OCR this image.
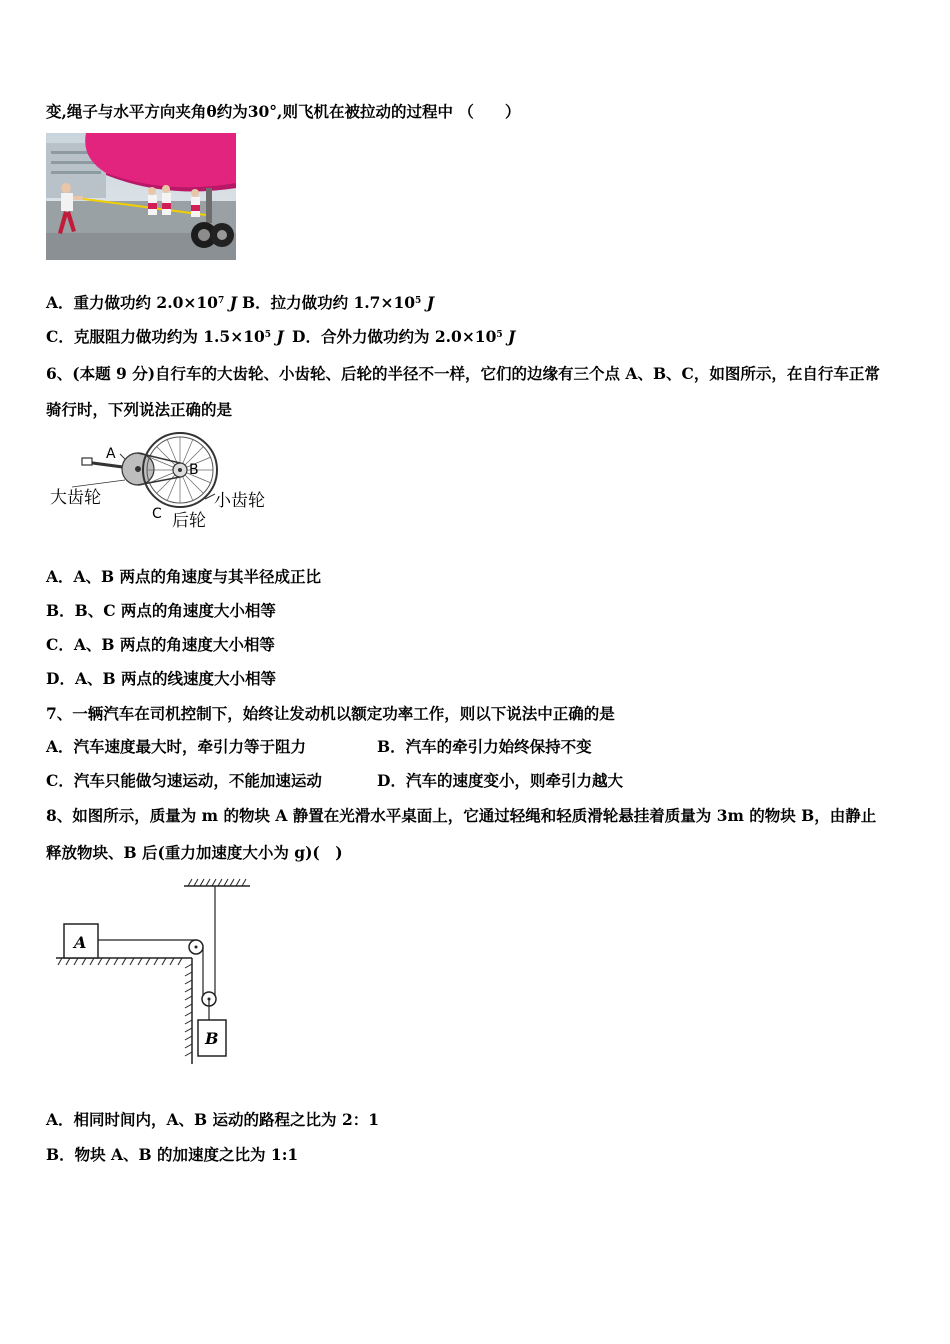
变,绳子与水平方向夹角θ约为30°,则飞机在被拉动的过程中 （　　）
A．重力做功约 $2.0\times 10^7$ J B．拉力做功约 $1.7\times 10^5$ J
C．克服阻力做功约为 $1.5\times 10^5$ J D．合外力做功约为 $2.0\times 10^5$ J
6、(本题 9 分)自行车的大齿轮、小齿轮、后轮的半径不一样，它们的边缘有三个点 A、B、C，如图所示，在自行车正常
骑行时，下列说法正确的是
A
B
C
大齿轮	小齿轮
后轮
A．A、B 两点的角速度与其半径成正比
B．B、C 两点的角速度大小相等
C．A、B 两点的角速度大小相等
D．A、B 两点的线速度大小相等
7、一辆汽车在司机控制下，始终让发动机以额定功率工作，则以下说法中正确的是
A．汽车速度最大时，牵引力等于阻力	B．汽车的牵引力始终保持不变
C．汽车只能做匀速运动，不能加速运动	D．汽车的速度变小，则牵引力越大
8、如图所示，质量为 m 的物块 A 静置在光滑水平桌面上，它通过轻绳和轻质滑轮悬挂着质量为 3m 的物块 B，由静止
释放物块、B 后(重力加速度大小为 g)(　)
A
B
A．相同时间内，A、B 运动的路程之比为 2：1
B．物块 A、B 的加速度之比为 1:1
